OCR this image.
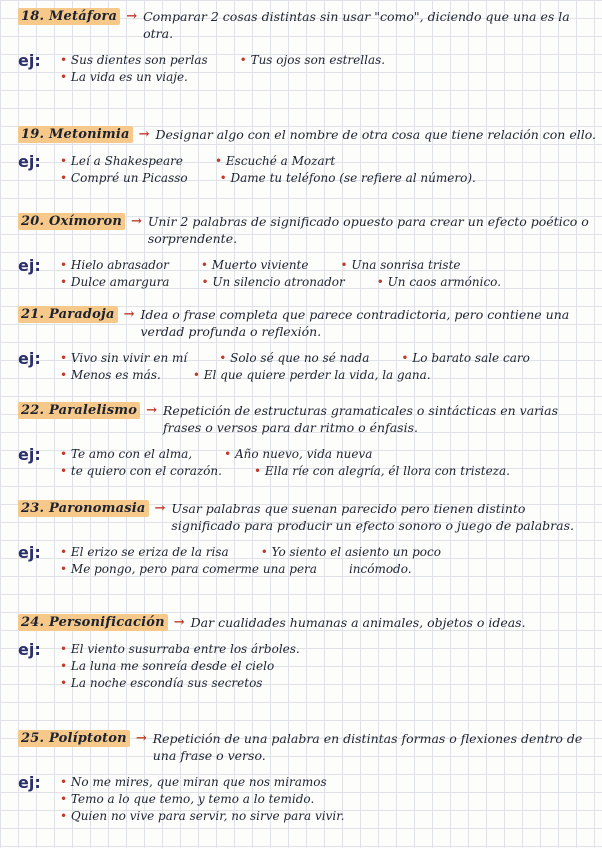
18. Metáfora → Comparar 2 cosas distintas sin usar "como", diciendo que una es la otra.
ej:	• Sus dientes son perlas	• Tus ojos son estrellas.
• La vida es un viaje.
19. Metonimia → Designar algo con el nombre de otra cosa que tiene relación con ello.
ej:	• Leí a Shakespeare	• Escuché a Mozart
• Compré un Picasso	• Dame tu teléfono (se refiere al número).
20. Oxímoron → Unir 2 palabras de significado opuesto para crear un efecto poético o sorprendente.
ej:	• Hielo abrasador	• Muerto viviente	• Una sonrisa triste
• Dulce amargura	• Un silencio atronador	• Un caos armónico.
21. Paradoja → Idea o frase completa que parece contradictoria, pero contiene una verdad profunda o reflexión.
ej:	• Vivo sin vivir en mí	• Solo sé que no sé nada	• Lo barato sale caro
• Menos es más.	• El que quiere perder la vida, la gana.
22. Paralelismo → Repetición de estructuras gramaticales o sintácticas en varias frases o versos para dar ritmo o énfasis.
ej:	• Te amo con el alma,	• Año nuevo, vida nueva
• te quiero con el corazón.	• Ella ríe con alegría, él llora con tristeza.
23. Paronomasia → Usar palabras que suenan parecido pero tienen distinto significado para producir un efecto sonoro o juego de palabras.
ej:	• El erizo se eriza de la risa	• Yo siento el asiento un poco
• Me pongo, pero para comerme una pera	incómodo.
24. Personificación → Dar cualidades humanas a animales, objetos o ideas.
ej:	• El viento susurraba entre los árboles.
• La luna me sonreía desde el cielo
• La noche escondía sus secretos
25. Políptoton → Repetición de una palabra en distintas formas o flexiones dentro de una frase o verso.
ej:	• No me mires, que miran que nos miramos
• Temo a lo que temo, y temo a lo temido.
• Quien no vive para servir, no sirve para vivir.
